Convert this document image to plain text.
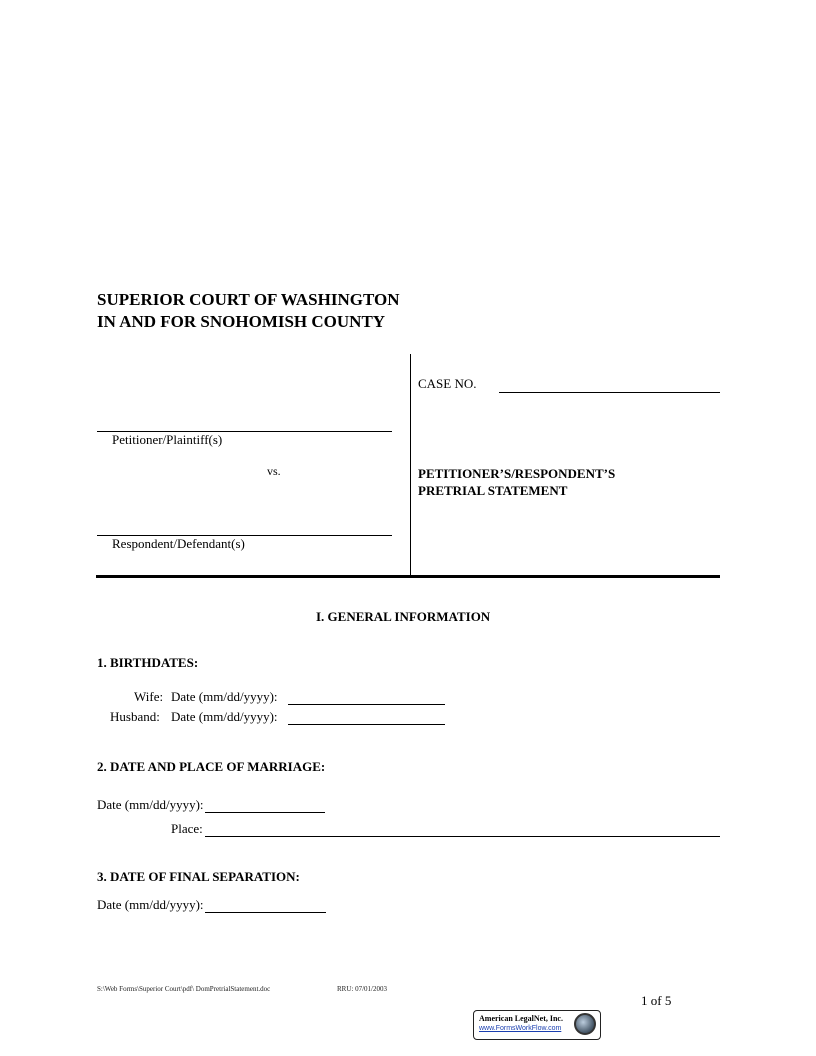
SUPERIOR COURT OF WASHINGTON
IN AND FOR SNOHOMISH COUNTY
Petitioner/Plaintiff(s)
vs.
Respondent/Defendant(s)
CASE NO.
PETITIONER’S/RESPONDENT’S
PRETRIAL STATEMENT
I. GENERAL INFORMATION
1. BIRTHDATES:
Wife: Date (mm/dd/yyyy):
Husband: Date (mm/dd/yyyy):
2. DATE AND PLACE OF MARRIAGE:
Date (mm/dd/yyyy):
Place:
3. DATE OF FINAL SEPARATION:
Date (mm/dd/yyyy):
S:\Web Forms\Superior Court\pdf\ DomPretrialStatement.doc	RRU: 07/01/2003
1 of 5
American LegalNet, Inc.
www.FormsWorkFlow.com
